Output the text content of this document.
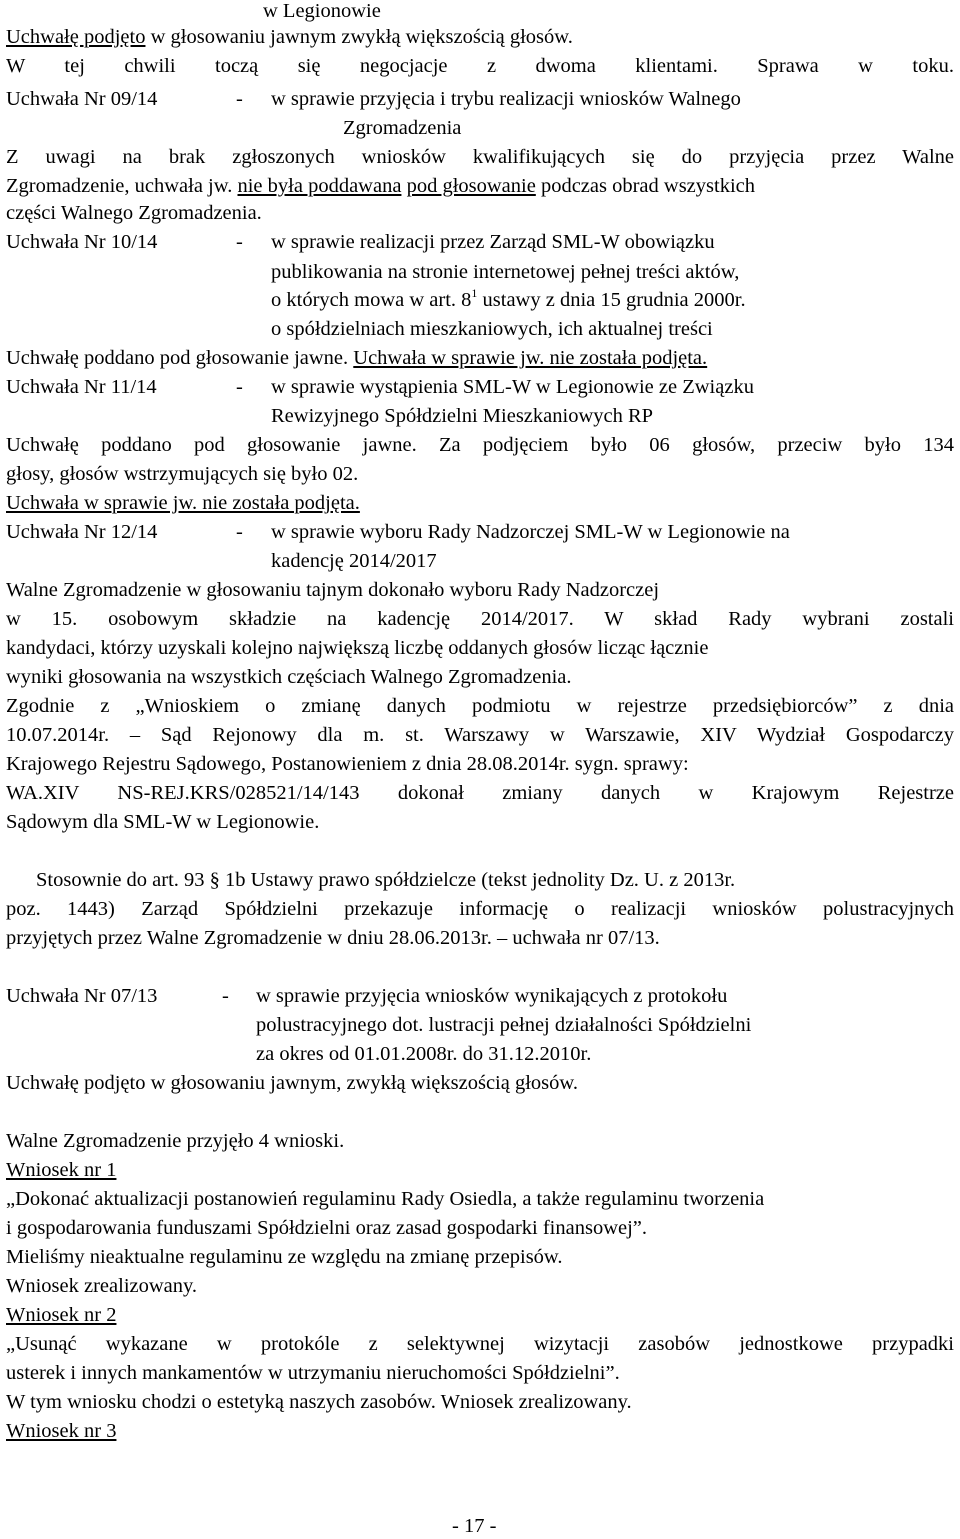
w Legionowie
Uchwałę podjęto w głosowaniu jawnym zwykłą większością głosów.
W tej chwili toczą się negocjacje z dwoma klientami. Sprawa w toku.
Uchwała Nr 09/14	- w sprawie przyjęcia i trybu realizacji wniosków Walnego
Zgromadzenia
Z uwagi na brak zgłoszonych wniosków kwalifikujących się do przyjęcia przez Walne
Zgromadzenie, uchwała jw. nie była poddawana pod głosowanie podczas obrad wszystkich
części Walnego Zgromadzenia.
Uchwała Nr 10/14	- w sprawie realizacji przez Zarząd SML-W obowiązku
publikowania na stronie internetowej pełnej treści aktów,
o których mowa w art. $8^1$ ustawy z dnia 15 grudnia 2000r.
o spółdzielniach mieszkaniowych, ich aktualnej treści
Uchwałę poddano pod głosowanie jawne. Uchwała w sprawie jw. nie została podjęta.
Uchwała Nr 11/14	- w sprawie wystąpienia SML-W w Legionowie ze Związku
Rewizyjnego Spółdzielni Mieszkaniowych RP
Uchwałę poddano pod głosowanie jawne. Za podjęciem było 06 głosów, przeciw było 134
głosy, głosów wstrzymujących się było 02.
Uchwała w sprawie jw. nie została podjęta.
Uchwała Nr 12/14	- w sprawie wyboru Rady Nadzorczej SML-W w Legionowie na
kadencję 2014/2017
Walne Zgromadzenie w głosowaniu tajnym dokonało wyboru Rady Nadzorczej
w 15. osobowym składzie na kadencję 2014/2017. W skład Rady wybrani zostali
kandydaci, którzy uzyskali kolejno największą liczbę oddanych głosów licząc łącznie
wyniki głosowania na wszystkich częściach Walnego Zgromadzenia.
Zgodnie z „Wnioskiem o zmianę danych podmiotu w rejestrze przedsiębiorców” z dnia
10.07.2014r. – Sąd Rejonowy dla m. st. Warszawy w Warszawie, XIV Wydział Gospodarczy
Krajowego Rejestru Sądowego, Postanowieniem z dnia 28.08.2014r. sygn. sprawy:
WA.XIV NS-REJ.KRS/028521/14/143 dokonał zmiany danych w Krajowym Rejestrze
Sądowym dla SML-W w Legionowie.
Stosownie do art. 93 § 1b Ustawy prawo spółdzielcze (tekst jednolity Dz. U. z 2013r.
poz. 1443) Zarząd Spółdzielni przekazuje informację o realizacji wniosków polustracyjnych
przyjętych przez Walne Zgromadzenie w dniu 28.06.2013r. – uchwała nr 07/13.
Uchwała Nr 07/13	- w sprawie przyjęcia wniosków wynikających z protokołu
polustracyjnego dot. lustracji pełnej działalności Spółdzielni
za okres od 01.01.2008r. do 31.12.2010r.
Uchwałę podjęto w głosowaniu jawnym, zwykłą większością głosów.
Walne Zgromadzenie przyjęło 4 wnioski.
Wniosek nr 1
„Dokonać aktualizacji postanowień regulaminu Rady Osiedla, a także regulaminu tworzenia
i gospodarowania funduszami Spółdzielni oraz zasad gospodarki finansowej”.
Mieliśmy nieaktualne regulaminu ze względu na zmianę przepisów.
Wniosek zrealizowany.
Wniosek nr 2
„Usunąć wykazane w protokóle z selektywnej wizytacji zasobów jednostkowe przypadki
usterek i innych mankamentów w utrzymaniu nieruchomości Spółdzielni”.
W tym wniosku chodzi o estetyką naszych zasobów. Wniosek zrealizowany.
Wniosek nr 3
- 17 -
